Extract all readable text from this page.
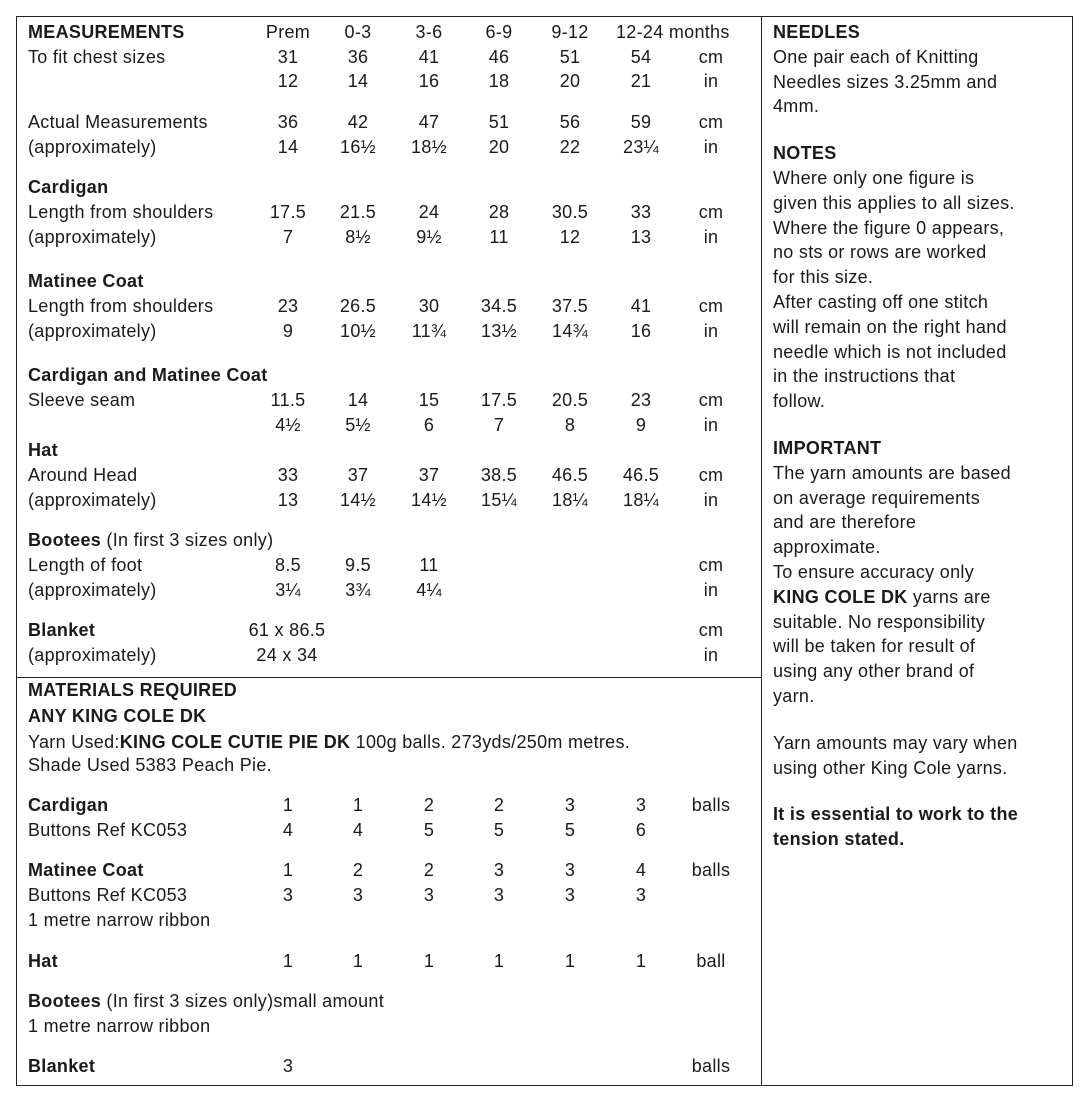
MEASUREMENTS	Prem	0-3	3-6	6-9	9-12	12-24 months
To fit chest sizes	31	36	41	46	51	54	cm
12	14	16	18	20	21	in
Actual Measurements	36	42	47	51	56	59	cm
(approximately)	14	16½	18½	20	22	23¼	in
Cardigan
Length from shoulders	17.5	21.5	24	28	30.5	33	cm
(approximately)	7	8½	9½	11	12	13	in
Matinee Coat
Length from shoulders	23	26.5	30	34.5	37.5	41	cm
(approximately)	9	10½	11¾	13½	14¾	16	in
Cardigan and Matinee Coat
Sleeve seam	11.5	14	15	17.5	20.5	23	cm
4½	5½	6	7	8	9	in
Hat
Around Head	33	37	37	38.5	46.5	46.5	cm
(approximately)	13	14½	14½	15¼	18¼	18¼	in
Bootees (In first 3 sizes only)
Length of foot	8.5	9.5	11	cm
(approximately)	3¼	3¾	4¼	in
Blanket	61 x 86.5	cm
(approximately)	24 x 34	in
MATERIALS REQUIRED
ANY KING COLE DK
Yarn Used:KING COLE CUTIE PIE DK 100g balls. 273yds/250m metres.
Shade Used 5383 Peach Pie.
Cardigan	1	1	2	2	3	3	balls
Buttons Ref KC053	4	4	5	5	5	6
Matinee Coat	1	2	2	3	3	4	balls
Buttons Ref KC053	3	3	3	3	3	3
1 metre narrow ribbon
Hat	1	1	1	1	1	1	ball
Bootees (In first 3 sizes only)small amount
1 metre narrow ribbon
Blanket	3	balls

NEEDLES

One pair each of Knitting

Needles sizes 3.25mm and

4mm.

NOTES

Where only one figure is

given this applies to all sizes.

Where the figure 0 appears,

no sts or rows are worked

for this size.

After casting off one stitch

will remain on the right hand

needle which is not included

in the instructions that

follow.

IMPORTANT

The yarn amounts are based

on average requirements

and are therefore

approximate.

To ensure accuracy only

KING COLE DK yarns are

suitable. No responsibility

will be taken for result of

using any other brand of

yarn.

Yarn amounts may vary when

using other King Cole yarns.

It is essential to work to the

tension stated.
